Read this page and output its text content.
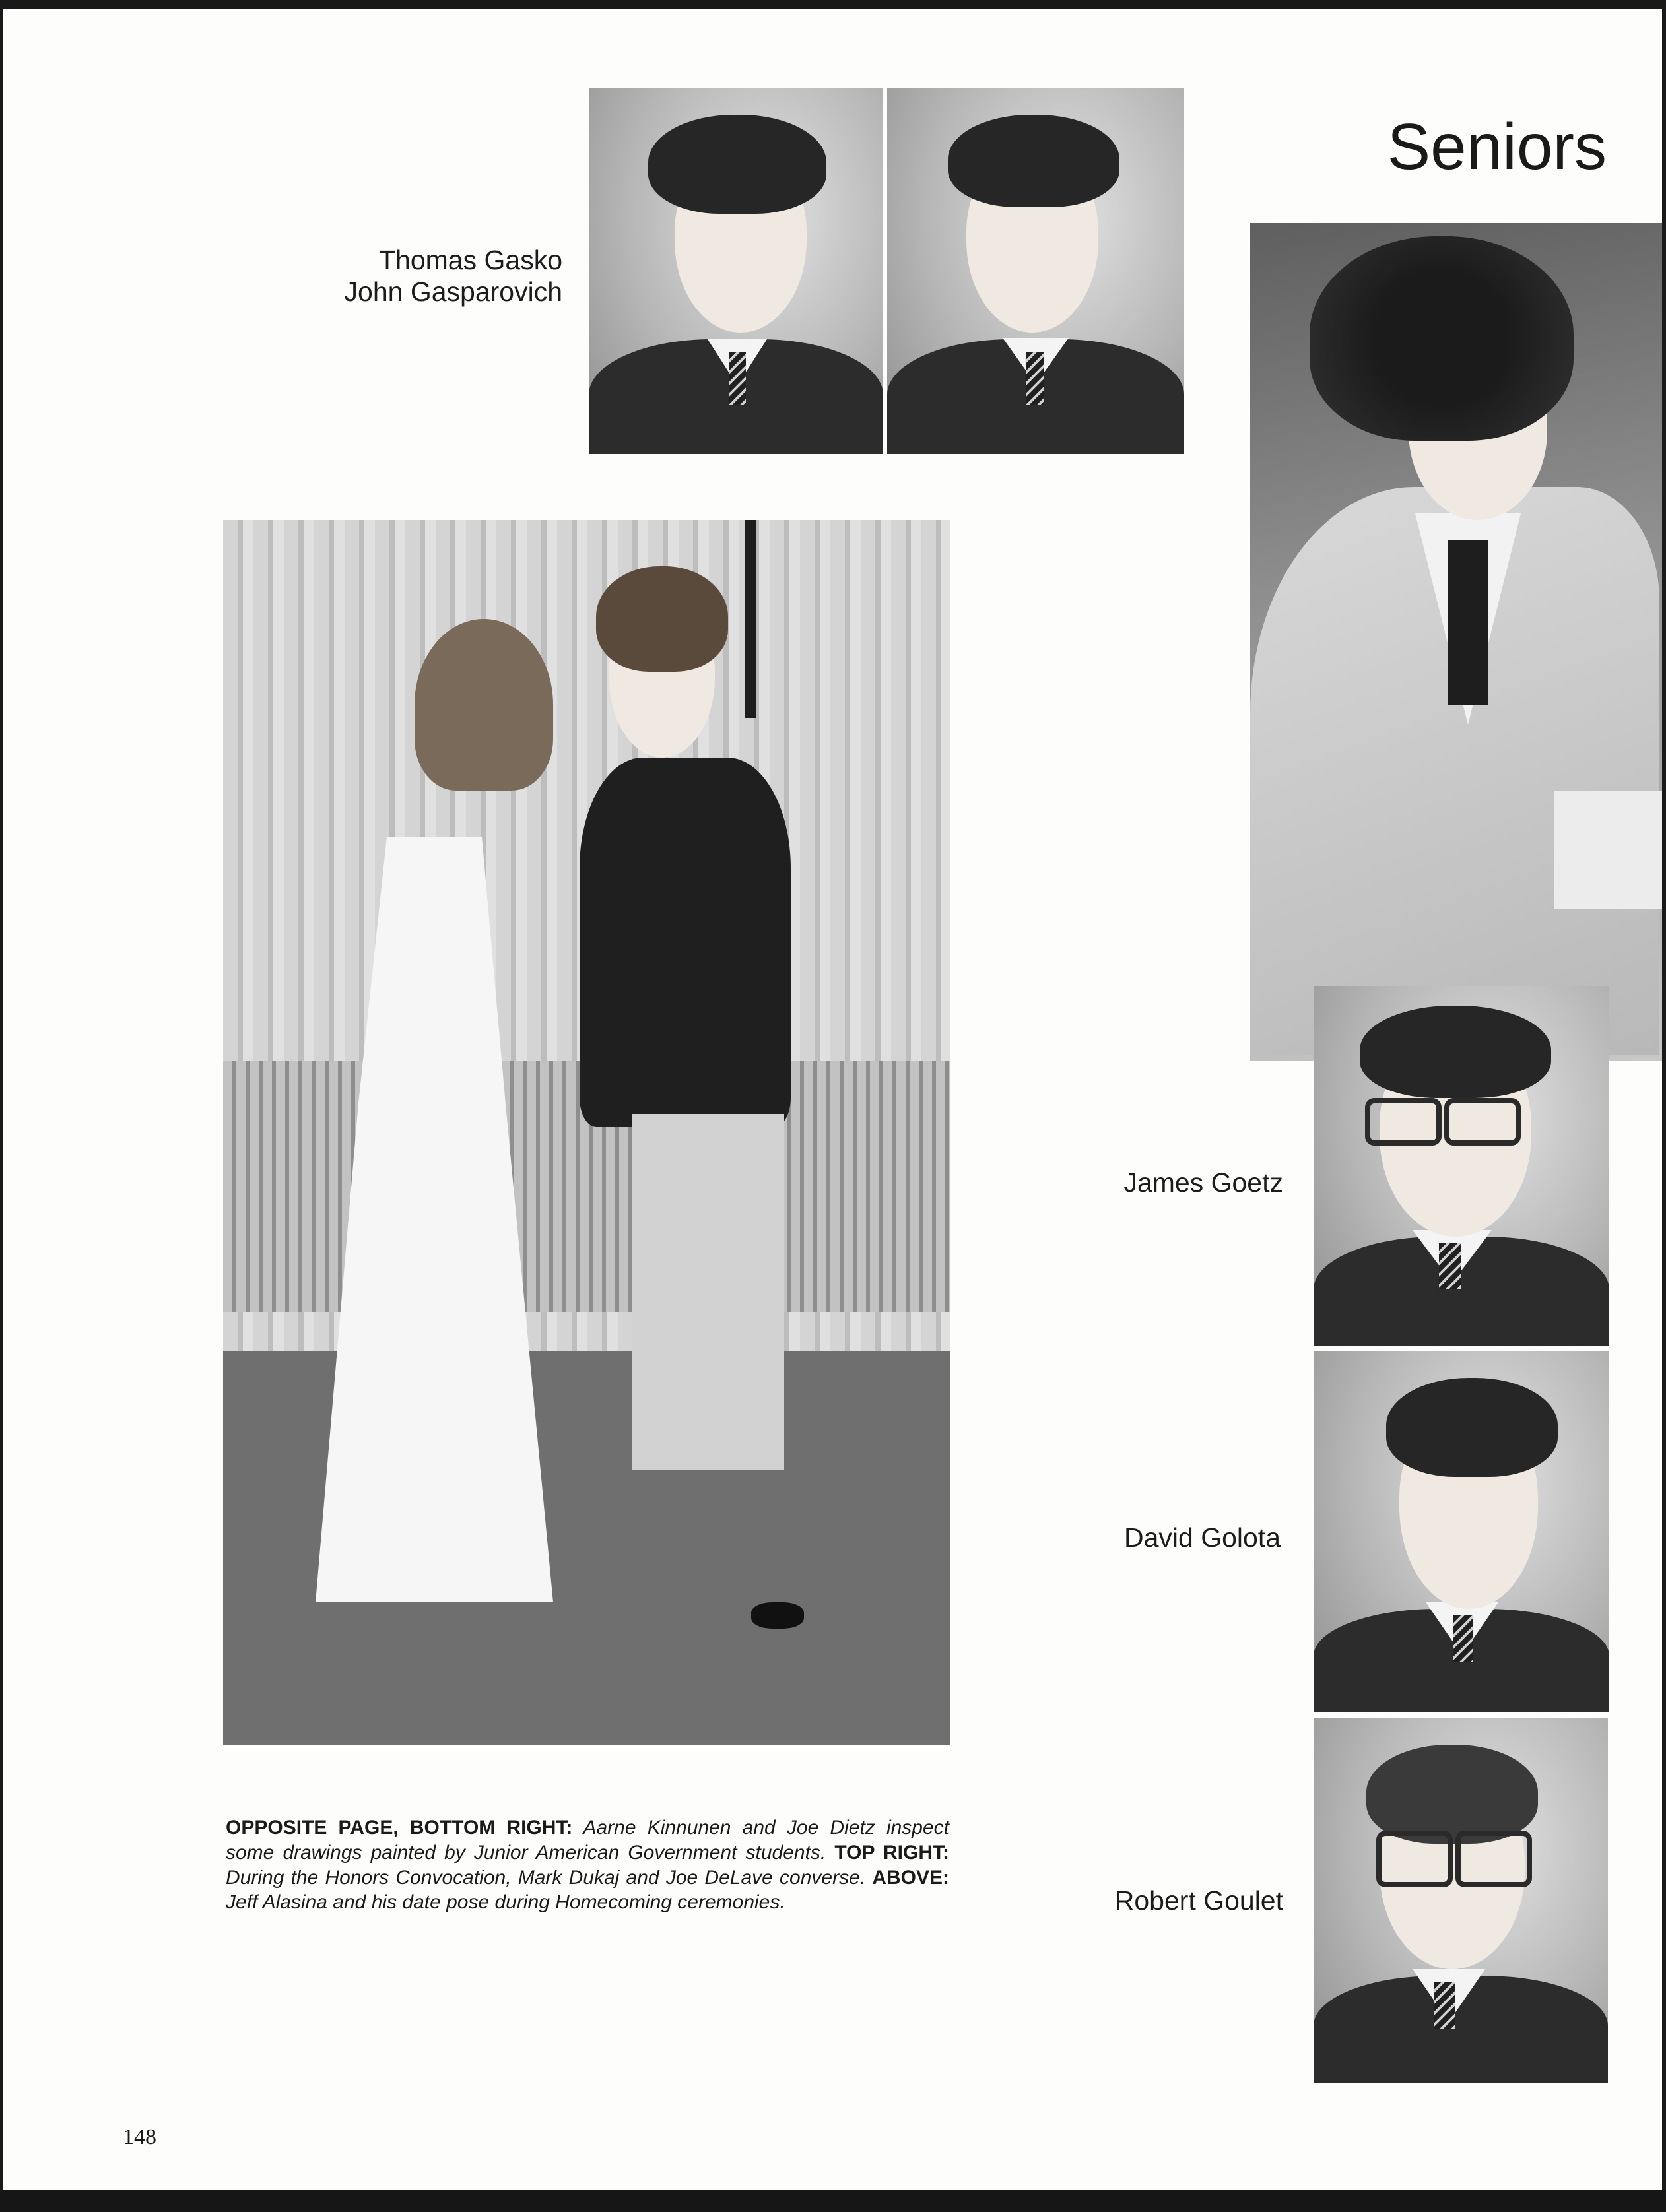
Seniors
Thomas Gasko
John Gasparovich
James Goetz
David Golota
Robert Goulet
OPPOSITE PAGE, BOTTOM RIGHT: Aarne Kinnunen and Joe Dietz inspect some drawings painted by Junior American Government students. TOP RIGHT: During the Honors Convocation, Mark Dukaj and Joe DeLave converse. ABOVE: Jeff Alasina and his date pose during Homecoming ceremonies.
148
